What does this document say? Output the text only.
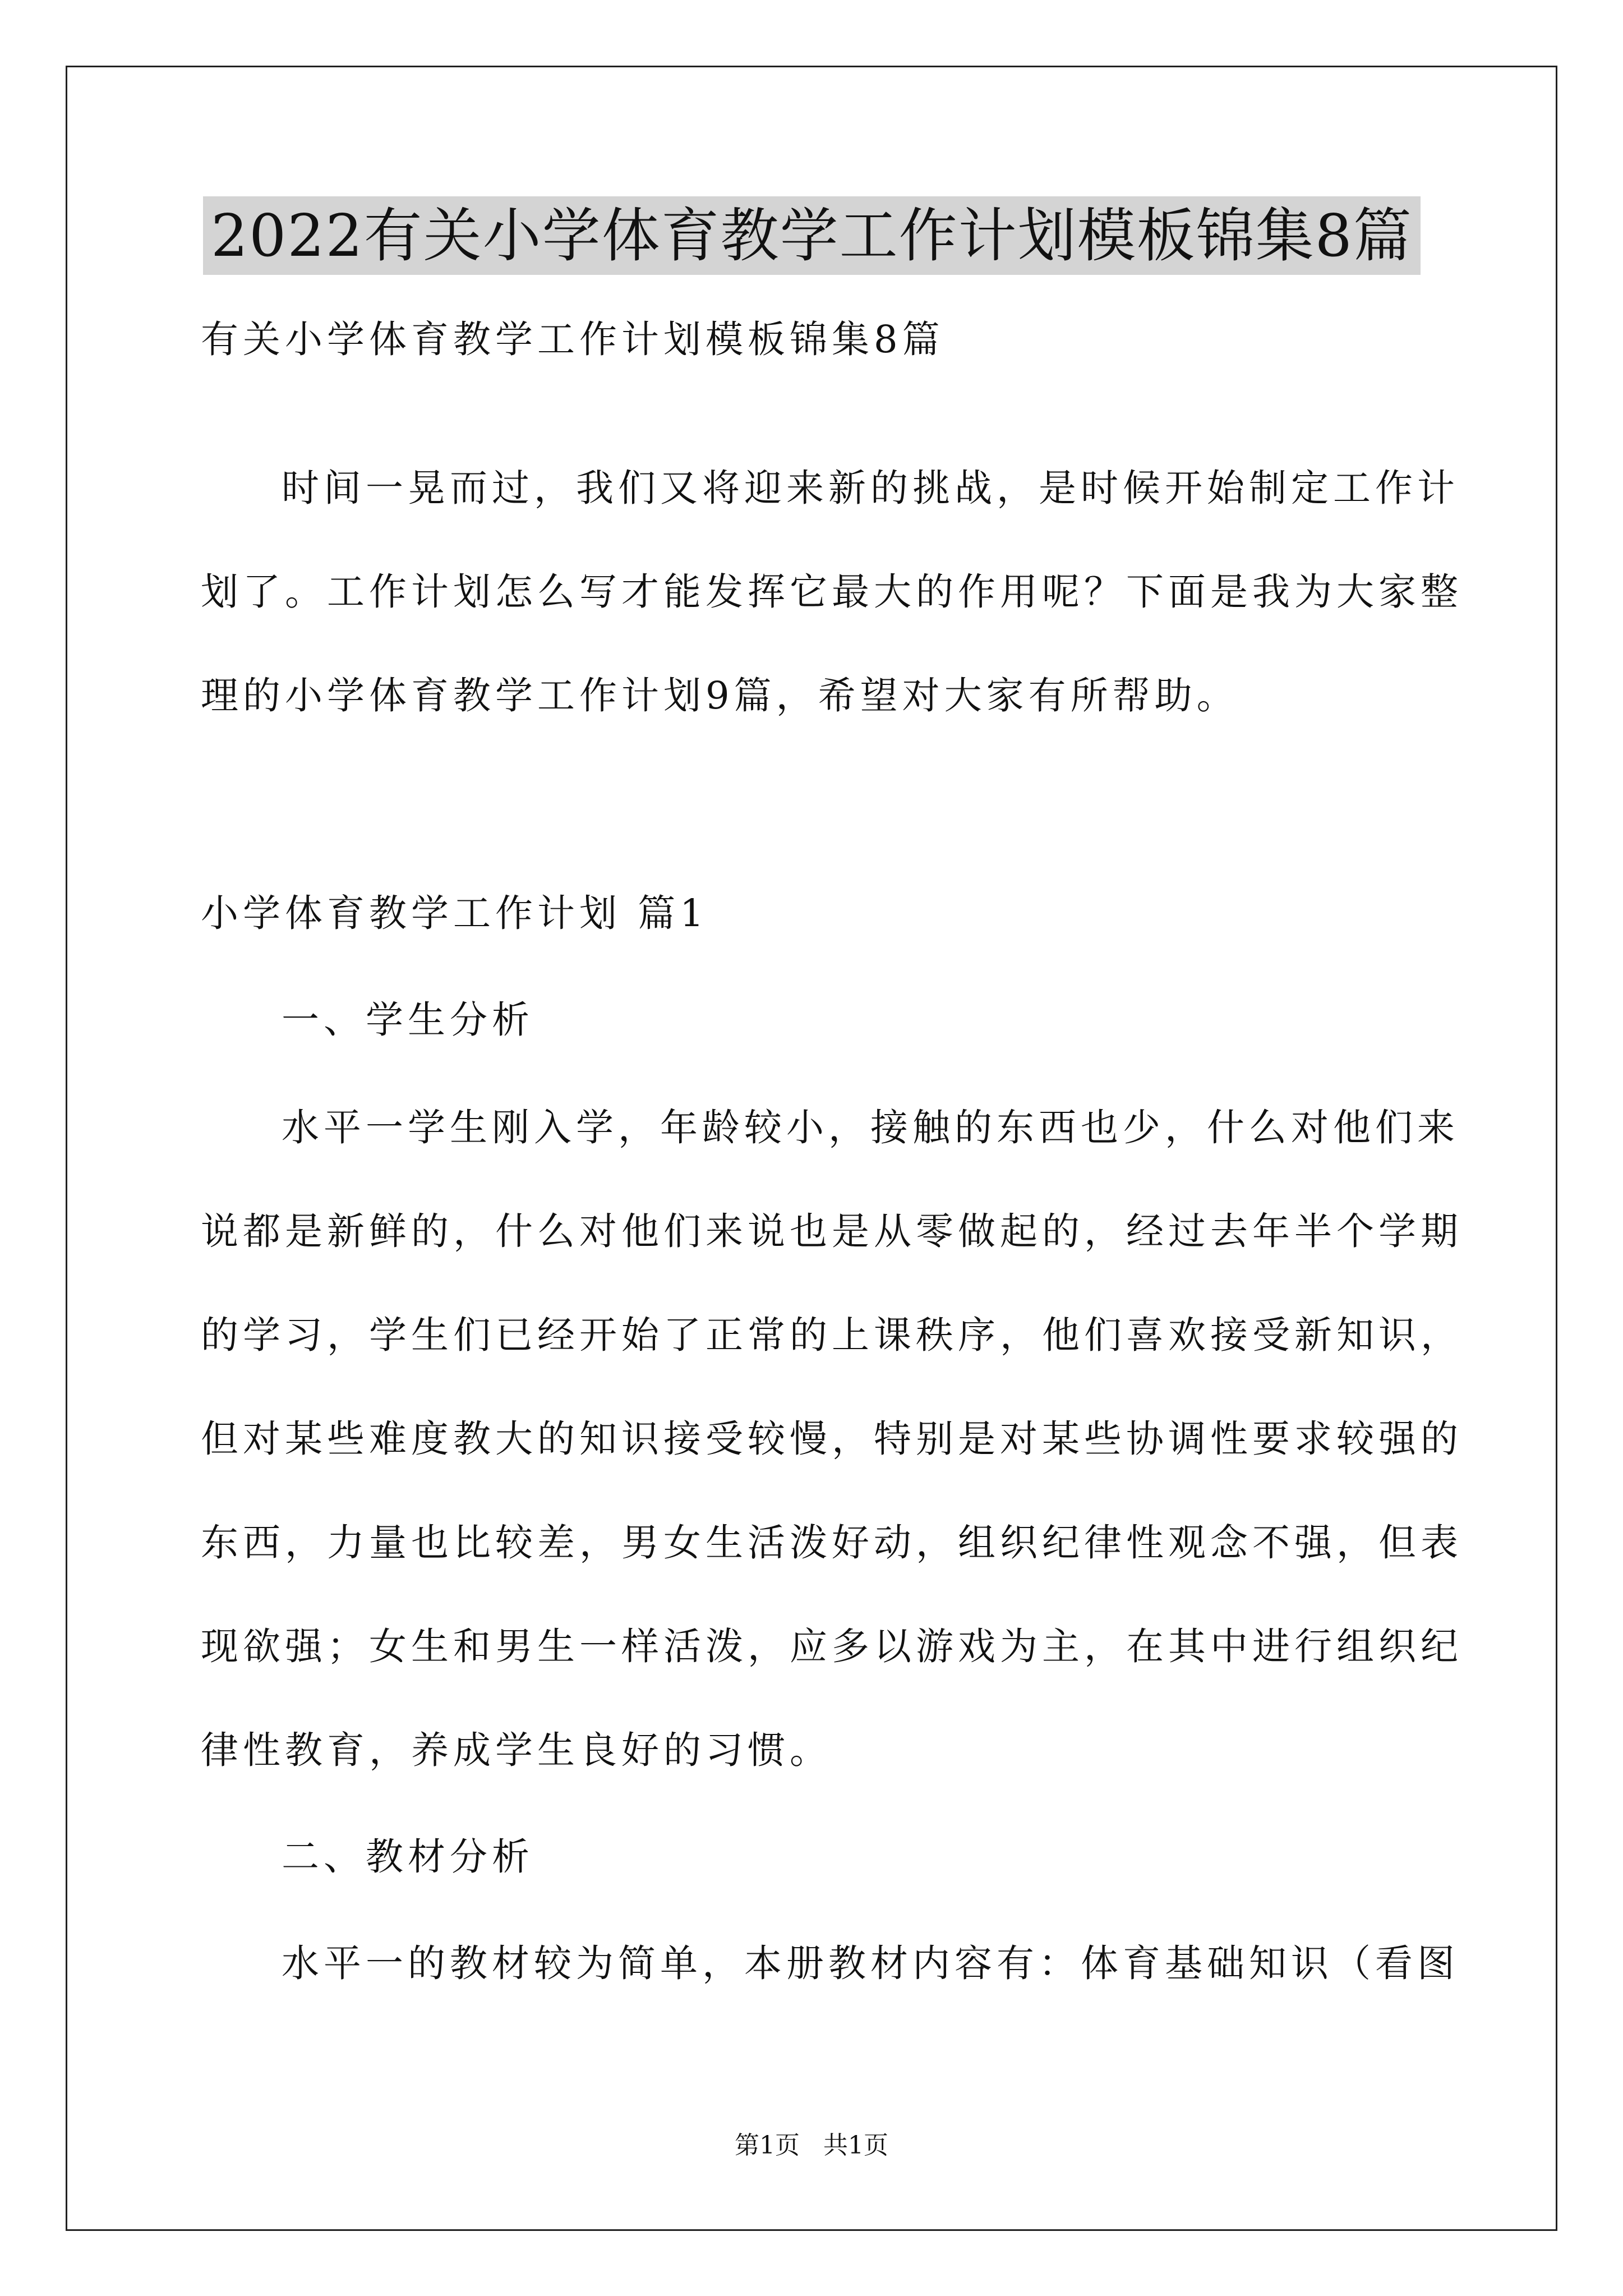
2022有关小学体育教学工作计划模板锦集8篇
有关小学体育教学工作计划模板锦集8篇
时间一晃而过，我们又将迎来新的挑战，是时候开始制定工作计
划了。工作计划怎么写才能发挥它最大的作用呢？下面是我为大家整
理的小学体育教学工作计划9篇，希望对大家有所帮助。
小学体育教学工作计划 篇1
一、学生分析
水平一学生刚入学，年龄较小，接触的东西也少，什么对他们来
说都是新鲜的，什么对他们来说也是从零做起的，经过去年半个学期
的学习，学生们已经开始了正常的上课秩序，他们喜欢接受新知识，
但对某些难度教大的知识接受较慢，特别是对某些协调性要求较强的
东西，力量也比较差，男女生活泼好动，组织纪律性观念不强，但表
现欲强；女生和男生一样活泼，应多以游戏为主，在其中进行组织纪
律性教育，养成学生良好的习惯。
二、教材分析
水平一的教材较为简单，本册教材内容有：体育基础知识（看图
第1页   共1页
